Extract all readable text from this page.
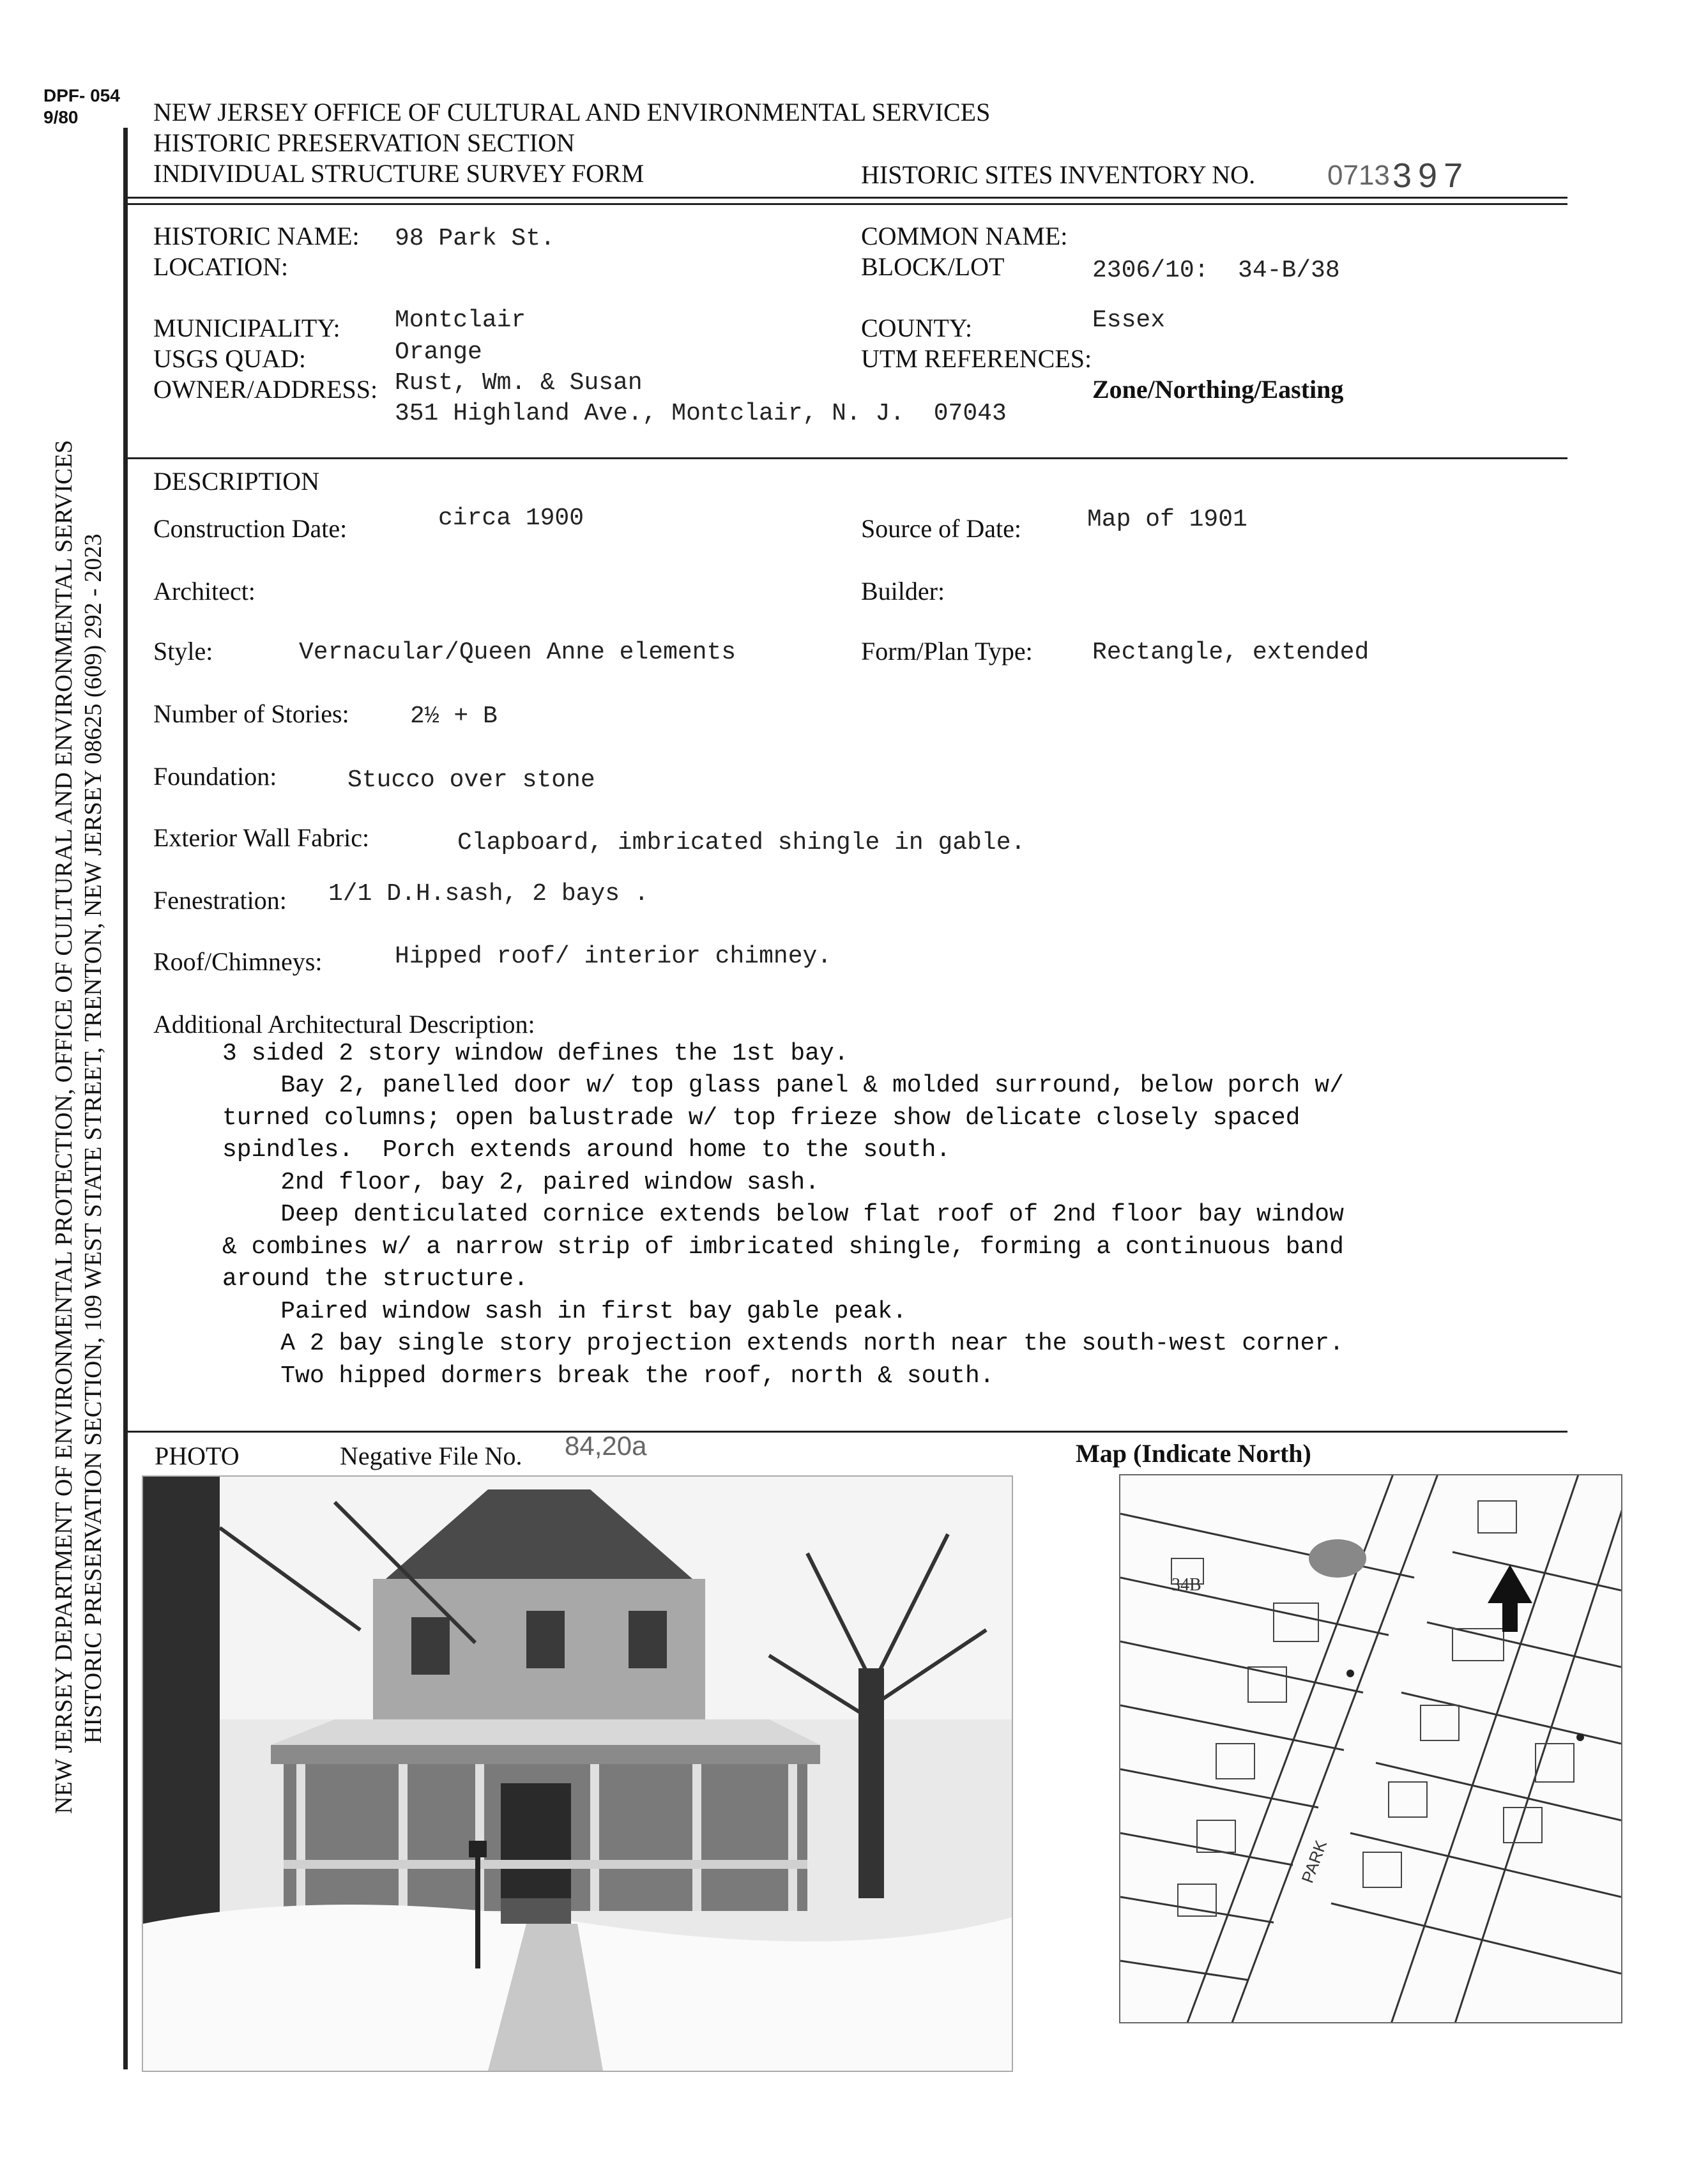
DPF- 054
9/80	NEW JERSEY OFFICE OF CULTURAL AND ENVIRONMENTAL SERVICES
HISTORIC PRESERVATION SECTION
INDIVIDUAL STRUCTURE SURVEY FORM	HISTORIC SITES INVENTORY NO.	0713 397
NEW JERSEY DEPARTMENT OF ENVIRONMENTAL PROTECTION, OFFICE OF CULTURAL AND ENVIRONMENTAL SERVICES HISTORIC PRESERVATION SECTION, 109 WEST STATE STREET, TRENTON, NEW JERSEY 08625 (609) 292 - 2023
HISTORIC NAME: 98 Park St.
LOCATION:
COMMON NAME:
BLOCK/LOT	2306/10:  34-B/38
MUNICIPALITY: Montclair
USGS QUAD:	Orange
OWNER/ADDRESS: Rust, Wm. & Susan
351 Highland Ave., Montclair, N. J.  07043
COUNTY:	Essex
UTM REFERENCES:
Zone/Northing/Easting
DESCRIPTION
Construction Date:	circa 1900	Source of Date:	Map of 1901
Architect:	Builder:
Style:	Vernacular/Queen Anne elements	Form/Plan Type: Rectangle, extended
Number of Stories:	2½ + B
Foundation:	Stucco over stone
Exterior Wall Fabric:	Clapboard, imbricated shingle in gable.
Fenestration: 1/1 D.H.sash, 2 bays .
Roof/Chimneys:	Hipped roof/ interior chimney.
Additional Architectural Description:
3 sided 2 story window defines the 1st bay.
Bay 2, panelled door w/ top glass panel & molded surround, below porch w/
turned columns; open balustrade w/ top frieze show delicate closely spaced
spindles.  Porch extends around home to the south.
2nd floor, bay 2, paired window sash.
Deep denticulated cornice extends below flat roof of 2nd floor bay window
& combines w/ a narrow strip of imbricated shingle, forming a continuous band
around the structure.
Paired window sash in first bay gable peak.
A 2 bay single story projection extends north near the south-west corner.
Two hipped dormers break the roof, north & south.
PHOTO	Negative File No. 84,20a	Map (Indicate North)
34B
PARK
